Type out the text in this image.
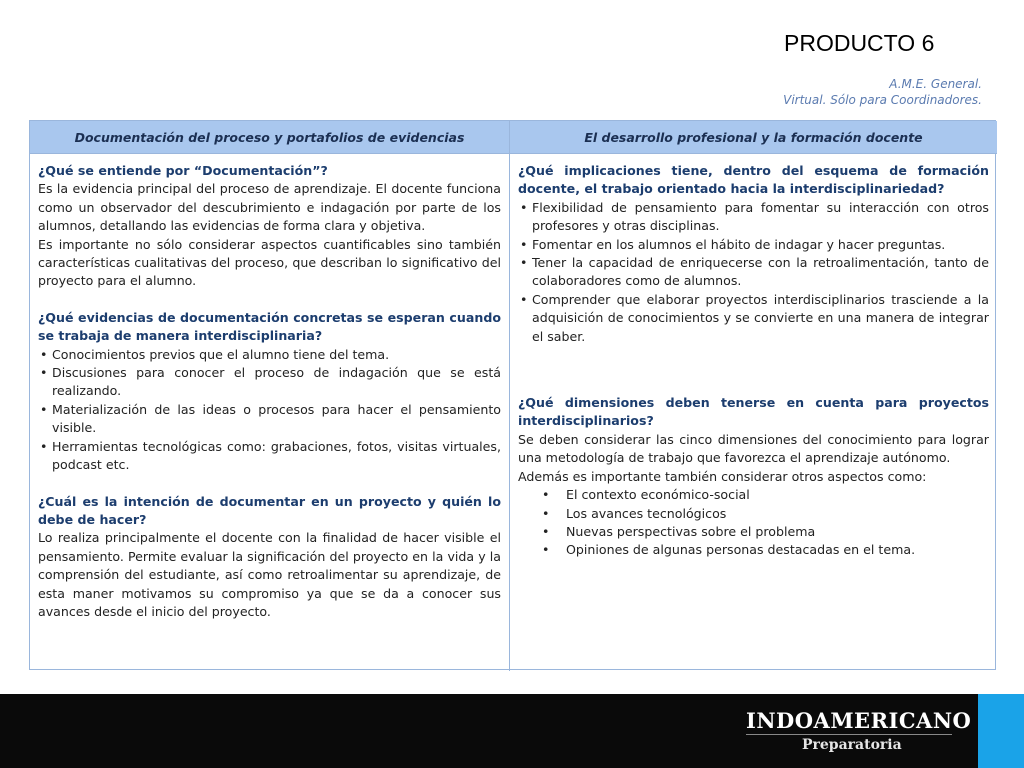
PRODUCTO 6
A.M.E. General.
Virtual. Sólo para Coordinadores.
Documentación del proceso y portafolios de evidencias	El desarrollo profesional y la formación docente
¿Qué se entiende por “Documentación”?
Es la evidencia principal del proceso de aprendizaje. El docente funciona como un observador del descubrimiento e indagación por parte de los alumnos, detallando las evidencias de forma clara y objetiva.
Es importante no sólo considerar aspectos cuantificables sino también características cualitativas del proceso, que describan lo significativo del proyecto para el alumno.
¿Qué evidencias de documentación concretas se esperan cuando se trabaja de manera interdisciplinaria?
• Conocimientos previos que el alumno tiene del tema.
• Discusiones para conocer el proceso de indagación que se está realizando.
• Materialización de las ideas o procesos para hacer el pensamiento visible.
• Herramientas tecnológicas como: grabaciones, fotos, visitas virtuales, podcast etc.
¿Cuál es la intención de documentar en un proyecto y quién lo debe de hacer?
Lo realiza principalmente el docente con la finalidad de hacer visible el pensamiento. Permite evaluar la significación del proyecto en la vida y la comprensión del estudiante, así como retroalimentar su aprendizaje, de esta maner motivamos su compromiso ya que se da a conocer sus avances desde el inicio del proyecto.
¿Qué implicaciones tiene, dentro del esquema de formación docente, el trabajo orientado hacia la interdisciplinariedad?
• Flexibilidad de pensamiento para fomentar su interacción con otros profesores y otras disciplinas.
• Fomentar en los alumnos el hábito de indagar y hacer preguntas.
• Tener la capacidad de enriquecerse con la retroalimentación, tanto de colaboradores como de alumnos.
• Comprender que elaborar proyectos interdisciplinarios trasciende a la adquisición de conocimientos y se convierte en una manera de integrar el saber.
¿Qué dimensiones deben tenerse en cuenta para proyectos interdisciplinarios?
Se deben considerar las cinco dimensiones del conocimiento para lograr una metodología de trabajo que favorezca el aprendizaje autónomo.
Además es importante también considerar otros aspectos como:
• El contexto económico-social
• Los avances tecnológicos
• Nuevas perspectivas sobre el problema
• Opiniones de algunas personas destacadas en el tema.
INDOAMERICANO
Preparatoria
